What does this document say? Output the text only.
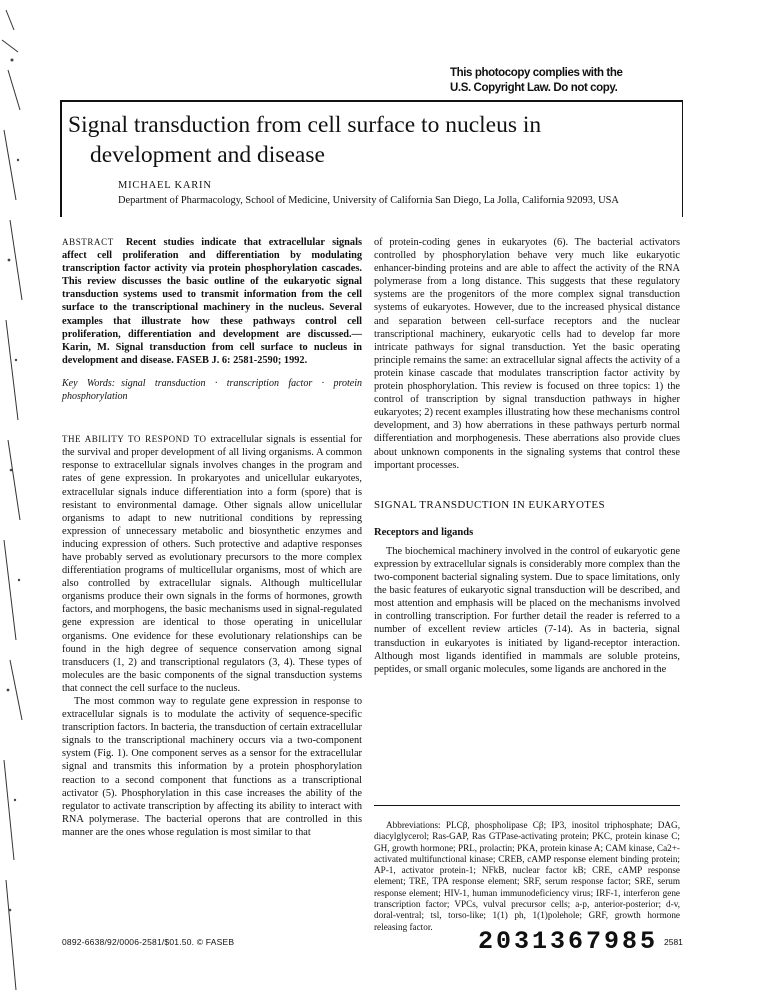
This photocopy complies with the
U.S. Copyright Law. Do not copy.
Signal transduction from cell surface to nucleus in
development and disease
MICHAEL KARIN
Department of Pharmacology, School of Medicine, University of California San Diego, La Jolla, California 92093, USA
ABSTRACT Recent studies indicate that extracellular signals affect cell proliferation and differentiation by modulating transcription factor activity via protein phosphorylation cascades. This review discusses the basic outline of the eukaryotic signal transduction systems used to transmit information from the cell surface to the transcriptional machinery in the nucleus. Several examples that illustrate how these pathways control cell proliferation, differentiation and development are discussed.— Karin, M. Signal transduction from cell surface to nucleus in development and disease. FASEB J. 6: 2581-2590; 1992.
Key Words: signal transduction · transcription factor · protein phosphorylation

THE ABILITY TO RESPOND TO extracellular signals is essential for the survival and proper development of all living organisms. A common response to extracellular signals involves changes in the program and rates of gene expression. In prokaryotes and unicellular eukaryotes, extracellular signals induce differentiation into a form (spore) that is resistant to environmental damage. Other signals allow unicellular organisms to adapt to new nutritional conditions by repressing expression of unnecessary metabolic and biosynthetic enzymes and inducing expression of others. Such protective and adaptive responses have probably served as evolutionary precursors to the more complex differentiation programs of multicellular organisms, most of which are also controlled by extracellular signals. Although multicellular organisms produce their own signals in the forms of hormones, growth factors, and morphogens, the basic mechanisms used in signal-regulated gene expression are identical to those operating in unicellular organisms. One evidence for these evolutionary relationships can be found in the high degree of sequence conservation among signal transducers (1, 2) and transcriptional regulators (3, 4). These types of molecules are the basic components of the signal transduction systems that connect the cell surface to the nucleus.

The most common way to regulate gene expression in response to extracellular signals is to modulate the activity of sequence-specific transcription factors. In bacteria, the transduction of certain extracellular signals to the transcriptional machinery occurs via a two-component system (Fig. 1). One component serves as a sensor for the extracellular signal and transmits this information by a protein phosphorylation reaction to a second component that functions as a transcriptional activator (5). Phosphorylation in this case increases the ability of the regulator to activate transcription by affecting its ability to interact with RNA polymerase. The bacterial operons that are controlled in this manner are the ones whose regulation is most similar to that

of protein-coding genes in eukaryotes (6). The bacterial activators controlled by phosphorylation behave very much like eukaryotic enhancer-binding proteins and are able to affect the activity of the RNA polymerase from a long distance. This suggests that these regulatory systems are the progenitors of the more complex signal transduction systems of eukaryotes. However, due to the increased physical distance and separation between cell-surface receptors and the nuclear transcriptional machinery, eukaryotic cells had to develop far more intricate pathways for signal transduction. Yet the basic operating principle remains the same: an extracellular signal affects the activity of a protein kinase cascade that modulates transcription factor activity by protein phosphorylation. This review is focused on three topics: 1) the control of transcription by signal transduction pathways in higher eukaryotes; 2) recent examples illustrating how these mechanisms control development, and 3) how aberrations in these pathways perturb normal differentiation and morphogenesis. These aberrations also provide clues about unknown components in the signaling systems that control these important processes.

SIGNAL TRANSDUCTION IN EUKARYOTES
Receptors and ligands

The biochemical machinery involved in the control of eukaryotic gene expression by extracellular signals is considerably more complex than the two-component bacterial signaling system. Due to space limitations, only the basic features of eukaryotic signal transduction will be described, and most attention and emphasis will be placed on the mechanisms involved in controlling transcription. For further detail the reader is referred to a number of excellent review articles (7-14). As in bacteria, signal transduction in eukaryotes is initiated by ligand-receptor interaction. Although most ligands identified in mammals are soluble proteins, peptides, or small organic molecules, some ligands are anchored in the

Abbreviations: PLCβ, phospholipase Cβ; IP3, inositol triphosphate; DAG, diacylglycerol; Ras-GAP, Ras GTPase-activating protein; PKC, protein kinase C; GH, growth hormone; PRL, prolactin; PKA, protein kinase A; CAM kinase, Ca2+-activated multifunctional kinase; CREB, cAMP response element binding protein; AP-1, activator protein-1; NFkB, nuclear factor kB; CRE, cAMP response element; TRE, TPA response element; SRF, serum response factor; SRE, serum response element; HIV-1, human immunodeficiency virus; IRF-1, interferon gene transcription factor; VPCs, vulval precursor cells; a-p, anterior-posterior; d-v, doral-ventral; tsl, torso-like; 1(1) ph, 1(1)polehole; GRF, growth hormone releasing factor.
0892-6638/92/0006-2581/$01.50. © FASEB	2031367985 2581
